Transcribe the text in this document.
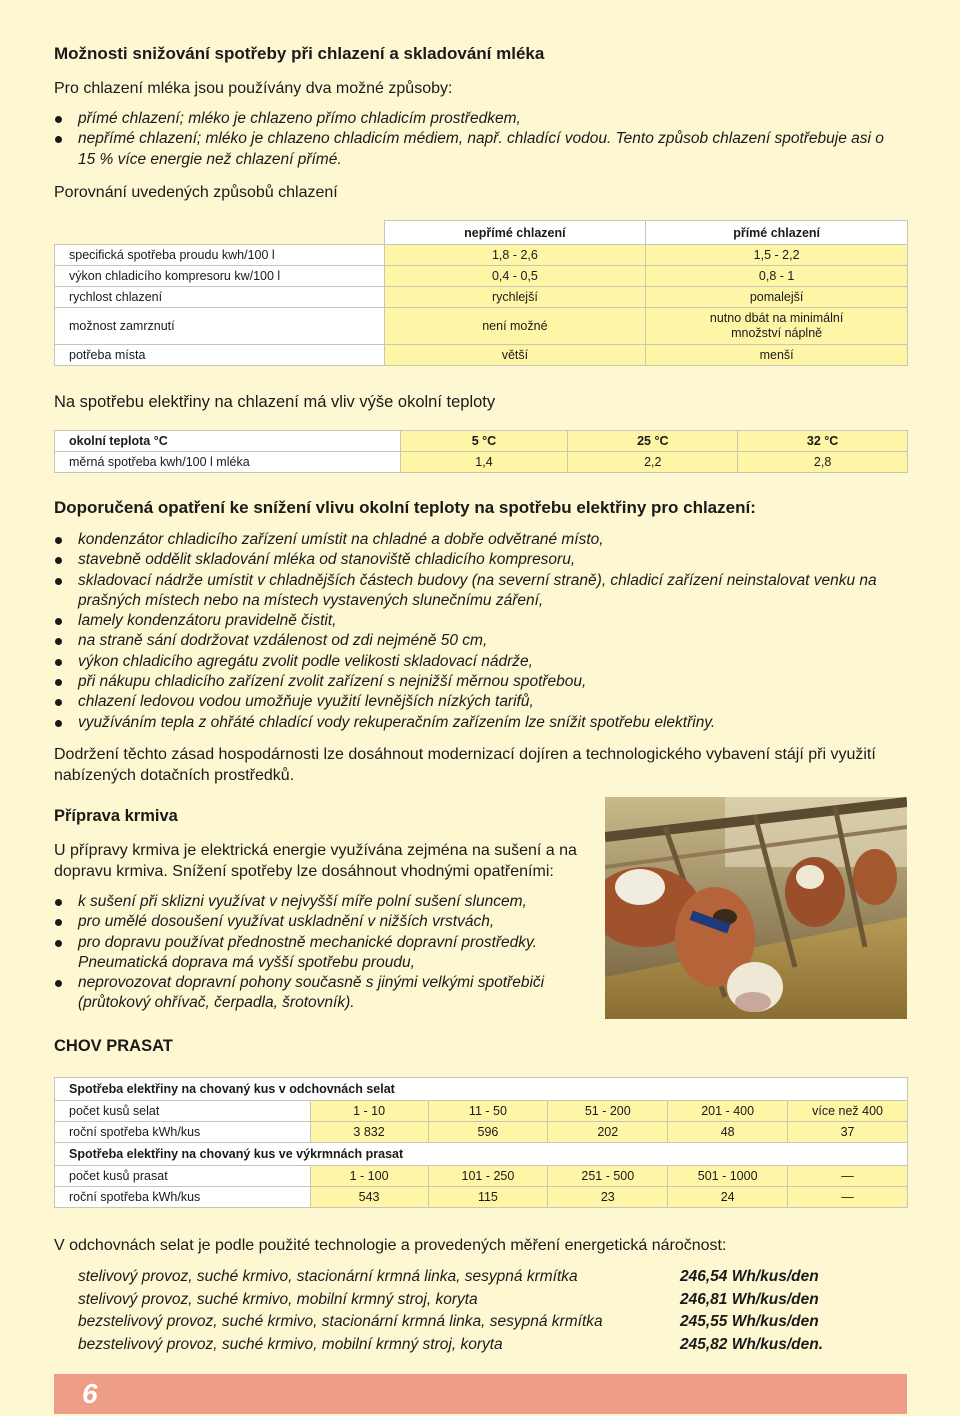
Možnosti snižování spotřeby při chlazení a skladování mléka
Pro chlazení mléka jsou používány dva možné způsoby:
přímé chlazení; mléko je chlazeno přímo chladicím prostředkem,
nepřímé chlazení; mléko je chlazeno chladicím médiem, např. chladící vodou. Tento způsob chlazení spotřebuje asi o 15 % více energie než chlazení přímé.
Porovnání uvedených způsobů chlazení
	nepřímé chlazení	přímé chlazení
specifická spotřeba proudu kwh/100 l	1,8 - 2,6	1,5 - 2,2
výkon chladicího kompresoru kw/100 l	0,4 - 0,5	0,8 - 1
rychlost chlazení	rychlejší	pomalejší
možnost zamrznutí	není možné	nutno dbát na minimální množství náplně
potřeba místa	větší	menší
Na spotřebu elektřiny na chlazení má vliv výše okolní teploty
okolní teplota °C	5 °C	25 °C	32 °C
měrná spotřeba kwh/100 l mléka	1,4	2,2	2,8
Doporučená opatření ke snížení vlivu okolní teploty na spotřebu elektřiny pro chlazení:
kondenzátor chladicího zařízení umístit na chladné a dobře odvětrané místo,
stavebně oddělit skladování mléka od stanoviště chladicího kompresoru,
skladovací nádrže umístit v chladnějších částech budovy (na severní straně), chladicí zařízení neinstalovat venku na prašných místech nebo na místech vystavených slunečnímu záření,
lamely kondenzátoru pravidelně čistit,
na straně sání dodržovat vzdálenost od zdi nejméně 50 cm,
výkon chladicího agregátu zvolit podle velikosti skladovací nádrže,
při nákupu chladicího zařízení zvolit zařízení s nejnižší měrnou spotřebou,
chlazení ledovou vodou umožňuje využití levnějších nízkých tarifů,
využíváním tepla z ohřáté chladící vody rekuperačním zařízením lze snížit spotřebu elektřiny.
Dodržení těchto zásad hospodárnosti lze dosáhnout modernizací dojíren a technologického vybavení stájí při využití nabízených dotačních prostředků.
Příprava krmiva
U přípravy krmiva je elektrická energie využívána zejména na sušení a na dopravu krmiva. Snížení spotřeby lze dosáhnout vhodnými opatřeními:
k sušení při sklizni využívat v nejvyšší míře polní sušení sluncem,
pro umělé dosoušení využívat uskladnění v nižších vrstvách,
pro dopravu používat přednostně mechanické dopravní prostředky. Pneumatická doprava má vyšší spotřebu proudu,
neprovozovat dopravní pohony současně s jinými velkými spotřebiči (průtokový ohřívač, čerpadla, šrotovník).
CHOV PRASAT
Spotřeba elektřiny na chovaný kus v odchovnách selat					
počet kusů selat	1 - 10	11 - 50	51 - 200	201 - 400	více než 400
roční spotřeba kWh/kus	3 832	596	202	48	37
Spotřeba elektřiny na chovaný kus ve výkrmnách prasat					
počet kusů prasat	1 - 100	101 - 250	251 - 500	501 - 1000	—
roční spotřeba kWh/kus	543	115	23	24	—
V odchovnách selat je podle použité technologie a provedených měření energetická náročnost:
stelivový provoz, suché krmivo, stacionární krmná linka, sesypná krmítka	246,54 Wh/kus/den
stelivový provoz, suché krmivo, mobilní krmný stroj, koryta	246,81 Wh/kus/den
bezstelivový provoz, suché krmivo, stacionární krmná linka, sesypná krmítka	245,55 Wh/kus/den
bezstelivový provoz, suché krmivo, mobilní krmný stroj, koryta	245,82 Wh/kus/den.
6
